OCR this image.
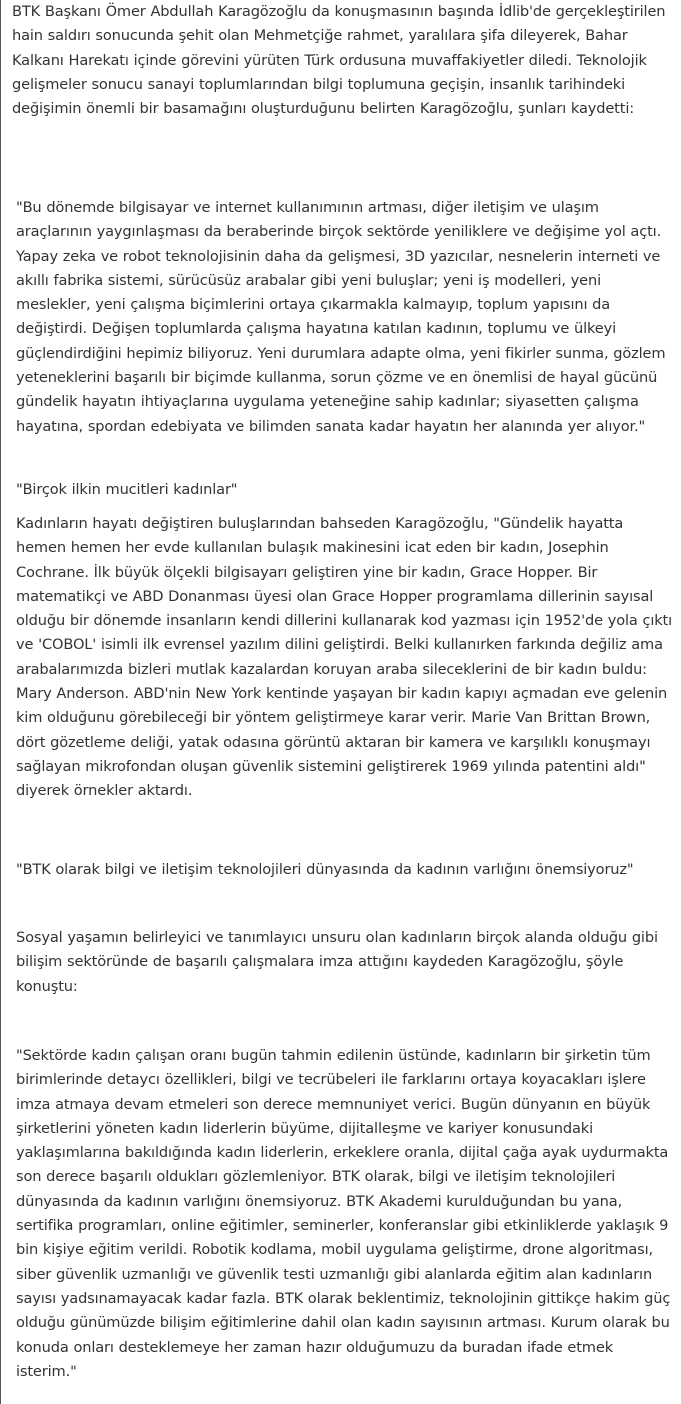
BTK Başkanı Ömer Abdullah Karagözoğlu da konuşmasının başında İdlib'de gerçekleştirilen hain saldırı sonucunda şehit olan Mehmetçiğe rahmet, yaralılara şifa dileyerek, Bahar Kalkanı Harekatı içinde görevini yürüten Türk ordusuna muvaffakiyetler diledi. Teknolojik gelişmeler sonucu sanayi toplumlarından bilgi toplumuna geçişin, insanlık tarihindeki değişimin önemli bir basamağını oluşturduğunu belirten Karagözoğlu, şunları kaydetti:

"Bu dönemde bilgisayar ve internet kullanımının artması, diğer iletişim ve ulaşım araçlarının yaygınlaşması da beraberinde birçok sektörde yeniliklere ve değişime yol açtı. Yapay zeka ve robot teknolojisinin daha da gelişmesi, 3D yazıcılar, nesnelerin interneti ve akıllı fabrika sistemi, sürücüsüz arabalar gibi yeni buluşlar; yeni iş modelleri, yeni meslekler, yeni çalışma biçimlerini ortaya çıkarmakla kalmayıp, toplum yapısını da değiştirdi. Değişen toplumlarda çalışma hayatına katılan kadının, toplumu ve ülkeyi güçlendirdiğini hepimiz biliyoruz. Yeni durumlara adapte olma, yeni fikirler sunma, gözlem yeteneklerini başarılı bir biçimde kullanma, sorun çözme ve en önemlisi de hayal gücünü gündelik hayatın ihtiyaçlarına uygulama yeteneğine sahip kadınlar; siyasetten çalışma hayatına, spordan edebiyata ve bilimden sanata kadar hayatın her alanında yer alıyor."

"Birçok ilkin mucitleri kadınlar"

Kadınların hayatı değiştiren buluşlarından bahseden Karagözoğlu, "Gündelik hayatta hemen hemen her evde kullanılan bulaşık makinesini icat eden bir kadın, Josephin Cochrane. İlk büyük ölçekli bilgisayarı geliştiren yine bir kadın, Grace Hopper. Bir matematikçi ve ABD Donanması üyesi olan Grace Hopper programlama dillerinin sayısal olduğu bir dönemde insanların kendi dillerini kullanarak kod yazması için 1952'de yola çıktı ve 'COBOL' isimli ilk evrensel yazılım dilini geliştirdi. Belki kullanırken farkında değiliz ama arabalarımızda bizleri mutlak kazalardan koruyan araba sileceklerini de bir kadın buldu: Mary Anderson. ABD'nin New York kentinde yaşayan bir kadın kapıyı açmadan eve gelenin kim olduğunu görebileceği bir yöntem geliştirmeye karar verir. Marie Van Brittan Brown, dört gözetleme deliği, yatak odasına görüntü aktaran bir kamera ve karşılıklı konuşmayı sağlayan mikrofondan oluşan güvenlik sistemini geliştirerek 1969 yılında patentini aldı" diyerek örnekler aktardı.

"BTK olarak bilgi ve iletişim teknolojileri dünyasında da kadının varlığını önemsiyoruz"

Sosyal yaşamın belirleyici ve tanımlayıcı unsuru olan kadınların birçok alanda olduğu gibi bilişim sektöründe de başarılı çalışmalara imza attığını kaydeden Karagözoğlu, şöyle konuştu:

"Sektörde kadın çalışan oranı bugün tahmin edilenin üstünde, kadınların bir şirketin tüm birimlerinde detaycı özellikleri, bilgi ve tecrübeleri ile farklarını ortaya koyacakları işlere imza atmaya devam etmeleri son derece memnuniyet verici. Bugün dünyanın en büyük şirketlerini yöneten kadın liderlerin büyüme, dijitalleşme ve kariyer konusundaki yaklaşımlarına bakıldığında kadın liderlerin, erkeklere oranla, dijital çağa ayak uydurmakta son derece başarılı oldukları gözlemleniyor. BTK olarak, bilgi ve iletişim teknolojileri dünyasında da kadının varlığını önemsiyoruz. BTK Akademi kurulduğundan bu yana, sertifika programları, online eğitimler, seminerler, konferanslar gibi etkinliklerde yaklaşık 9 bin kişiye eğitim verildi. Robotik kodlama, mobil uygulama geliştirme, drone algoritması, siber güvenlik uzmanlığı ve güvenlik testi uzmanlığı gibi alanlarda eğitim alan kadınların sayısı yadsınamayacak kadar fazla. BTK olarak beklentimiz, teknolojinin gittikçe hakim güç olduğu günümüzde bilişim eğitimlerine dahil olan kadın sayısının artması. Kurum olarak bu konuda onları desteklemeye her zaman hazır olduğumuzu da buradan ifade etmek isterim."
